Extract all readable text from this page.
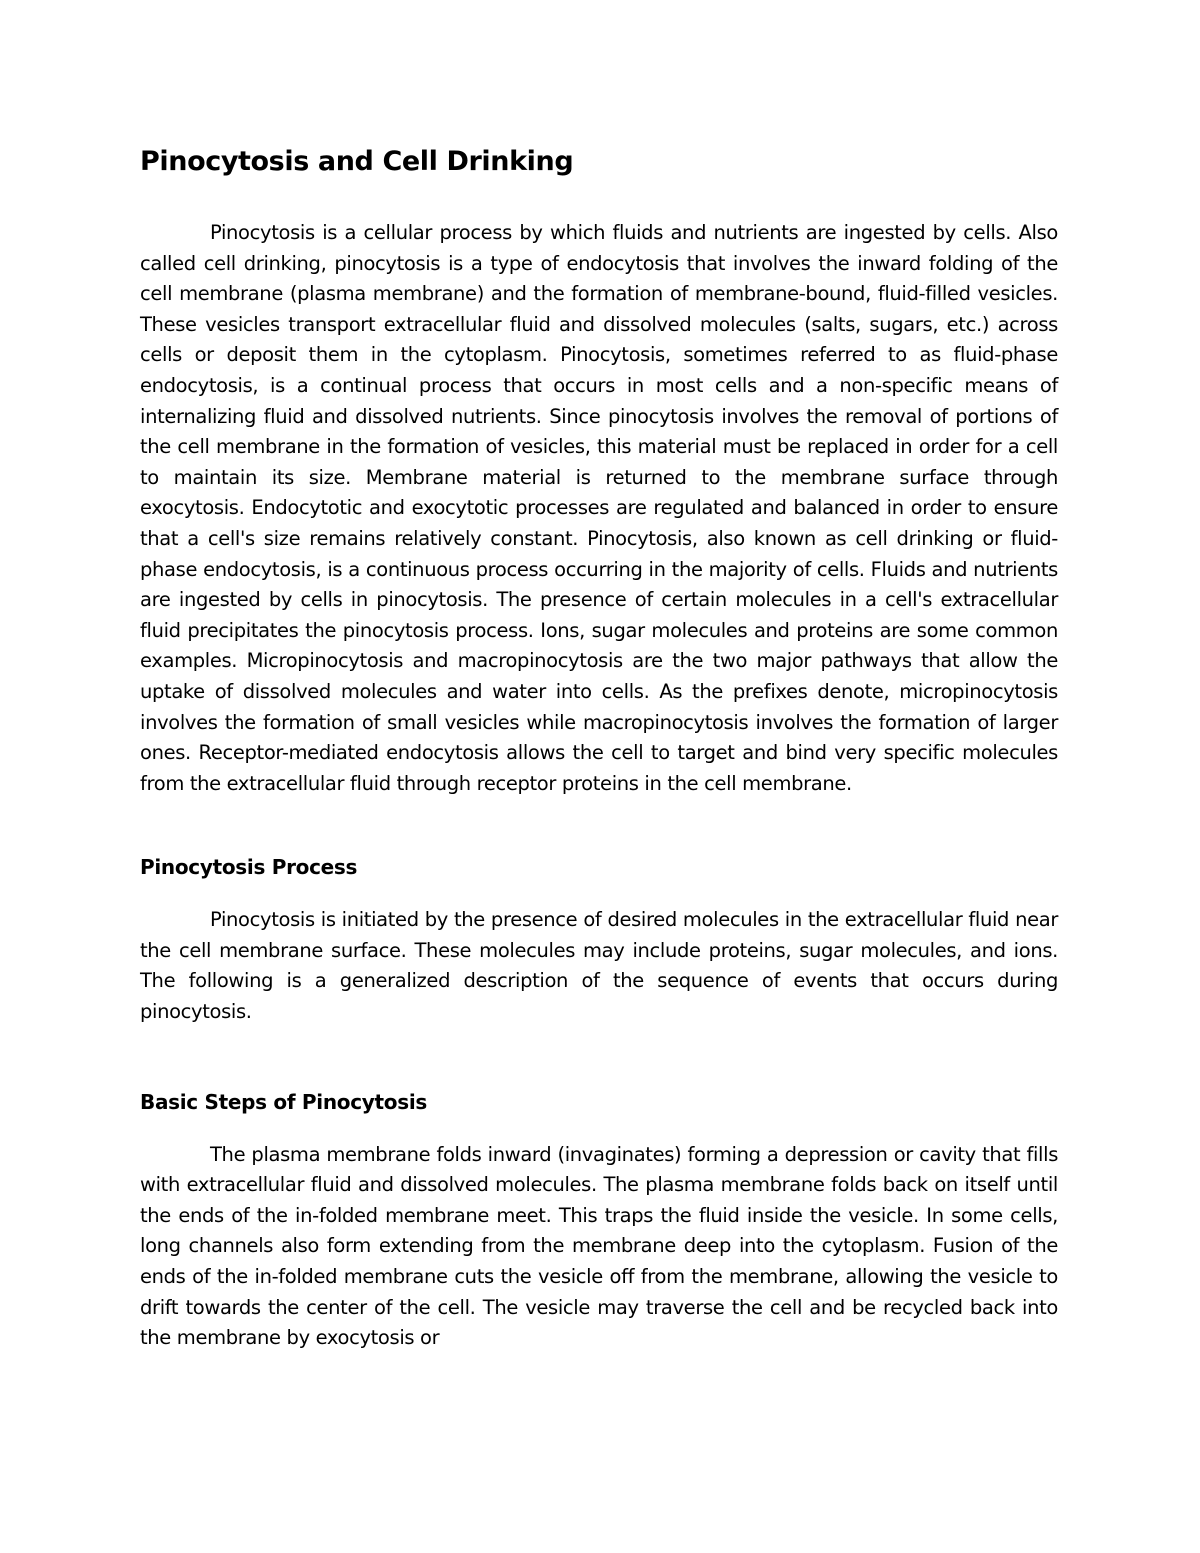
Pinocytosis and Cell Drinking

Pinocytosis is a cellular process by which fluids and nutrients are ingested by cells. Also called cell drinking, pinocytosis is a type of endocytosis that involves the inward folding of the cell membrane (plasma membrane) and the formation of membrane-bound, fluid-filled vesicles. These vesicles transport extracellular fluid and dissolved molecules (salts, sugars, etc.) across cells or deposit them in the cytoplasm. Pinocytosis, sometimes referred to as fluid-phase endocytosis, is a continual process that occurs in most cells and a non-specific means of internalizing fluid and dissolved nutrients. Since pinocytosis involves the removal of portions of the cell membrane in the formation of vesicles, this material must be replaced in order for a cell to maintain its size. Membrane material is returned to the membrane surface through exocytosis. Endocytotic and exocytotic processes are regulated and balanced in order to ensure that a cell's size remains relatively constant. Pinocytosis, also known as cell drinking or fluid-phase endocytosis, is a continuous process occurring in the majority of cells. Fluids and nutrients are ingested by cells in pinocytosis. The presence of certain molecules in a cell's extracellular fluid precipitates the pinocytosis process. Ions, sugar molecules and proteins are some common examples. Micropinocytosis and macropinocytosis are the two major pathways that allow the uptake of dissolved molecules and water into cells. As the prefixes denote, micropinocytosis involves the formation of small vesicles while macropinocytosis involves the formation of larger ones. Receptor-mediated endocytosis allows the cell to target and bind very specific molecules from the extracellular fluid through receptor proteins in the cell membrane.

Pinocytosis Process

Pinocytosis is initiated by the presence of desired molecules in the extracellular fluid near the cell membrane surface. These molecules may include proteins, sugar molecules, and ions. The following is a generalized description of the sequence of events that occurs during pinocytosis.

Basic Steps of Pinocytosis

The plasma membrane folds inward (invaginates) forming a depression or cavity that fills with extracellular fluid and dissolved molecules. The plasma membrane folds back on itself until the ends of the in-folded membrane meet. This traps the fluid inside the vesicle. In some cells, long channels also form extending from the membrane deep into the cytoplasm. Fusion of the ends of the in-folded membrane cuts the vesicle off from the membrane, allowing the vesicle to drift towards the center of the cell. The vesicle may traverse the cell and be recycled back into the membrane by exocytosis or
